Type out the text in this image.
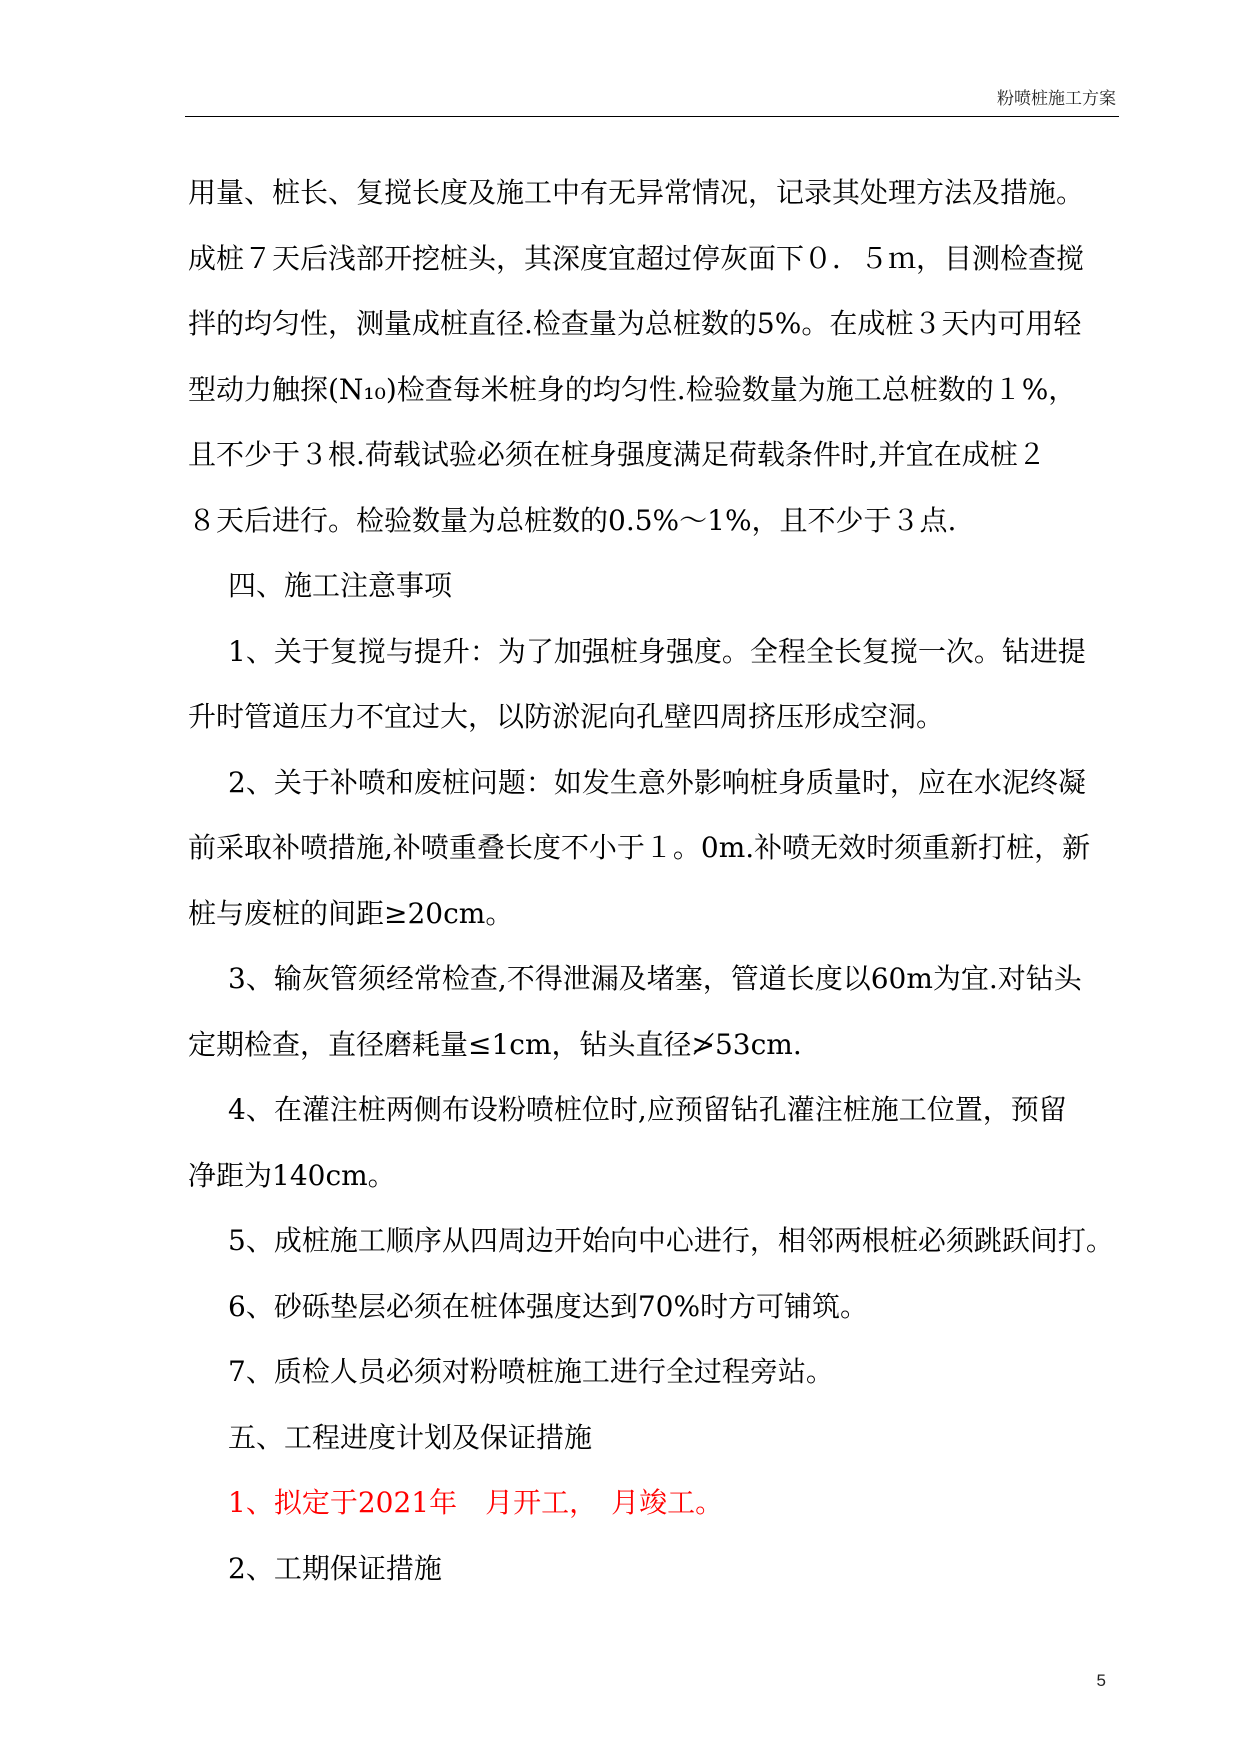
粉喷桩施工方案

用量、桩长、复搅长度及施工中有无异常情况，记录其处理方法及措施。

成桩７天后浅部开挖桩头，其深度宜超过停灰面下０．５ｍ，目测检查搅

拌的均匀性，测量成桩直径.检查量为总桩数的5%。在成桩３天内可用轻

型动力触探(N₁₀)检查每米桩身的均匀性.检验数量为施工总桩数的１%，

且不少于３根.荷载试验必须在桩身强度满足荷载条件时,并宜在成桩２

８天后进行。检验数量为总桩数的0.5%～1%，且不少于３点.

四、施工注意事项

1、关于复搅与提升：为了加强桩身强度。全程全长复搅一次。钻进提

升时管道压力不宜过大，以防淤泥向孔壁四周挤压形成空洞。

2、关于补喷和废桩问题：如发生意外影响桩身质量时，应在水泥终凝

前采取补喷措施,补喷重叠长度不小于１。0m.补喷无效时须重新打桩，新

桩与废桩的间距≥20cm。

3、输灰管须经常检查,不得泄漏及堵塞，管道长度以60m为宜.对钻头

定期检查，直径磨耗量≤1cm，钻头直径≯53cm.

4、在灌注桩两侧布设粉喷桩位时,应预留钻孔灌注桩施工位置，预留

净距为140cm。

5、成桩施工顺序从四周边开始向中心进行，相邻两根桩必须跳跃间打。

6、砂砾垫层必须在桩体强度达到70%时方可铺筑。

7、质检人员必须对粉喷桩施工进行全过程旁站。

五、工程进度计划及保证措施

1、拟定于2021年　月开工，　月竣工。

2、工期保证措施

5
